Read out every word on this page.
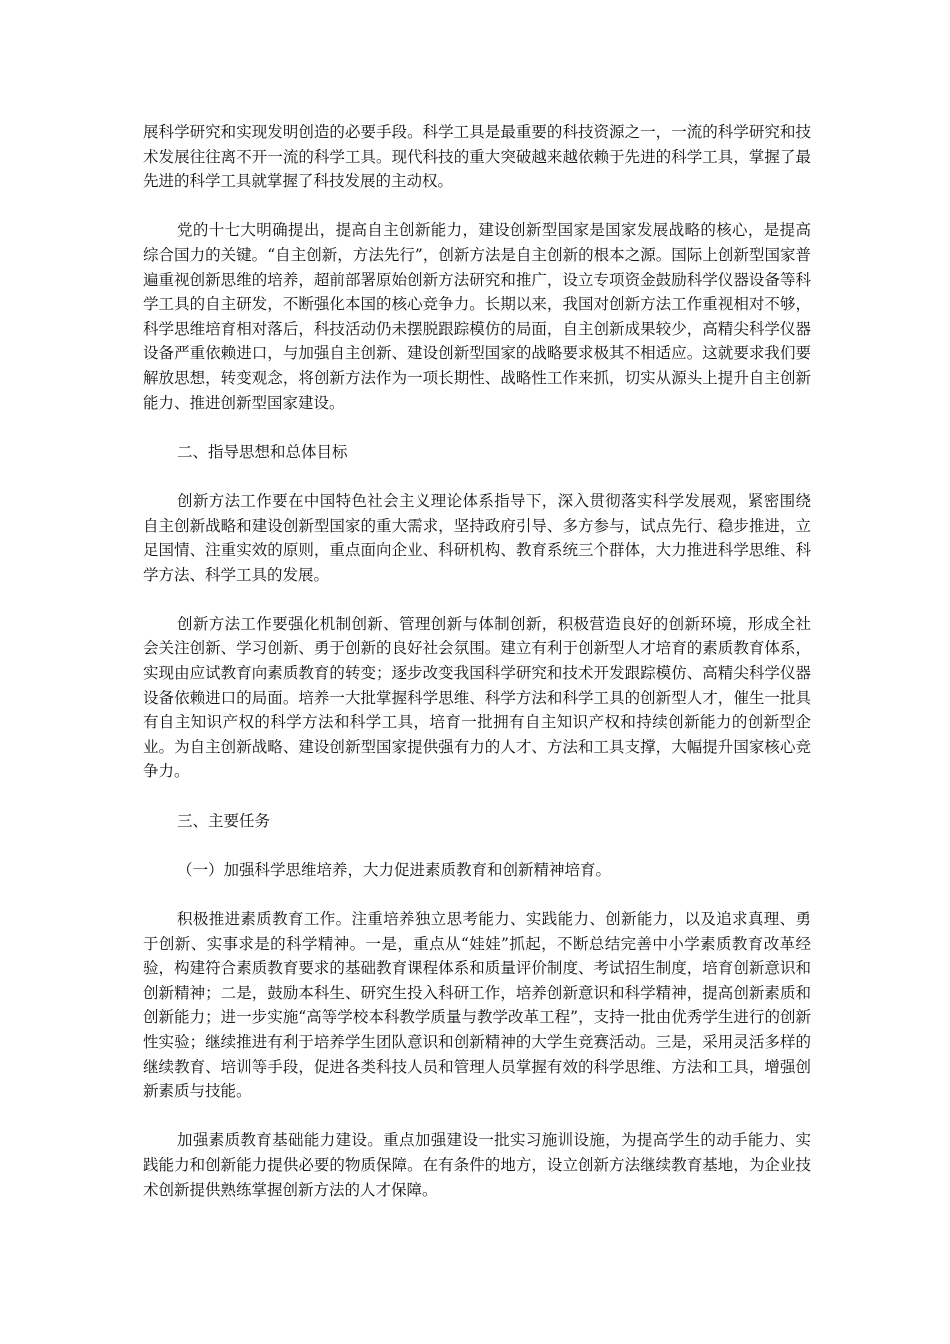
展科学研究和实现发明创造的必要手段。科学工具是最重要的科技资源之一，一流的科学研究和技术发展往往离不开一流的科学工具。现代科技的重大突破越来越依赖于先进的科学工具，掌握了最先进的科学工具就掌握了科技发展的主动权。

党的十七大明确提出，提高自主创新能力，建设创新型国家是国家发展战略的核心，是提高综合国力的关键。“自主创新，方法先行”，创新方法是自主创新的根本之源。国际上创新型国家普遍重视创新思维的培养，超前部署原始创新方法研究和推广，设立专项资金鼓励科学仪器设备等科学工具的自主研发，不断强化本国的核心竞争力。长期以来，我国对创新方法工作重视相对不够，科学思维培育相对落后，科技活动仍未摆脱跟踪模仿的局面，自主创新成果较少，高精尖科学仪器设备严重依赖进口，与加强自主创新、建设创新型国家的战略要求极其不相适应。这就要求我们要解放思想，转变观念，将创新方法作为一项长期性、战略性工作来抓，切实从源头上提升自主创新能力、推进创新型国家建设。

二、指导思想和总体目标

创新方法工作要在中国特色社会主义理论体系指导下，深入贯彻落实科学发展观，紧密围绕自主创新战略和建设创新型国家的重大需求，坚持政府引导、多方参与，试点先行、稳步推进，立足国情、注重实效的原则，重点面向企业、科研机构、教育系统三个群体，大力推进科学思维、科学方法、科学工具的发展。

创新方法工作要强化机制创新、管理创新与体制创新，积极营造良好的创新环境，形成全社会关注创新、学习创新、勇于创新的良好社会氛围。建立有利于创新型人才培育的素质教育体系，实现由应试教育向素质教育的转变；逐步改变我国科学研究和技术开发跟踪模仿、高精尖科学仪器设备依赖进口的局面。培养一大批掌握科学思维、科学方法和科学工具的创新型人才，催生一批具有自主知识产权的科学方法和科学工具，培育一批拥有自主知识产权和持续创新能力的创新型企业。为自主创新战略、建设创新型国家提供强有力的人才、方法和工具支撑，大幅提升国家核心竞争力。

三、主要任务

（一）加强科学思维培养，大力促进素质教育和创新精神培育。

积极推进素质教育工作。注重培养独立思考能力、实践能力、创新能力，以及追求真理、勇于创新、实事求是的科学精神。一是，重点从“娃娃”抓起，不断总结完善中小学素质教育改革经验，构建符合素质教育要求的基础教育课程体系和质量评价制度、考试招生制度，培育创新意识和创新精神；二是，鼓励本科生、研究生投入科研工作，培养创新意识和科学精神，提高创新素质和创新能力；进一步实施“高等学校本科教学质量与教学改革工程”，支持一批由优秀学生进行的创新性实验；继续推进有利于培养学生团队意识和创新精神的大学生竞赛活动。三是，采用灵活多样的继续教育、培训等手段，促进各类科技人员和管理人员掌握有效的科学思维、方法和工具，增强创新素质与技能。

加强素质教育基础能力建设。重点加强建设一批实习施训设施，为提高学生的动手能力、实践能力和创新能力提供必要的物质保障。在有条件的地方，设立创新方法继续教育基地，为企业技术创新提供熟练掌握创新方法的人才保障。
